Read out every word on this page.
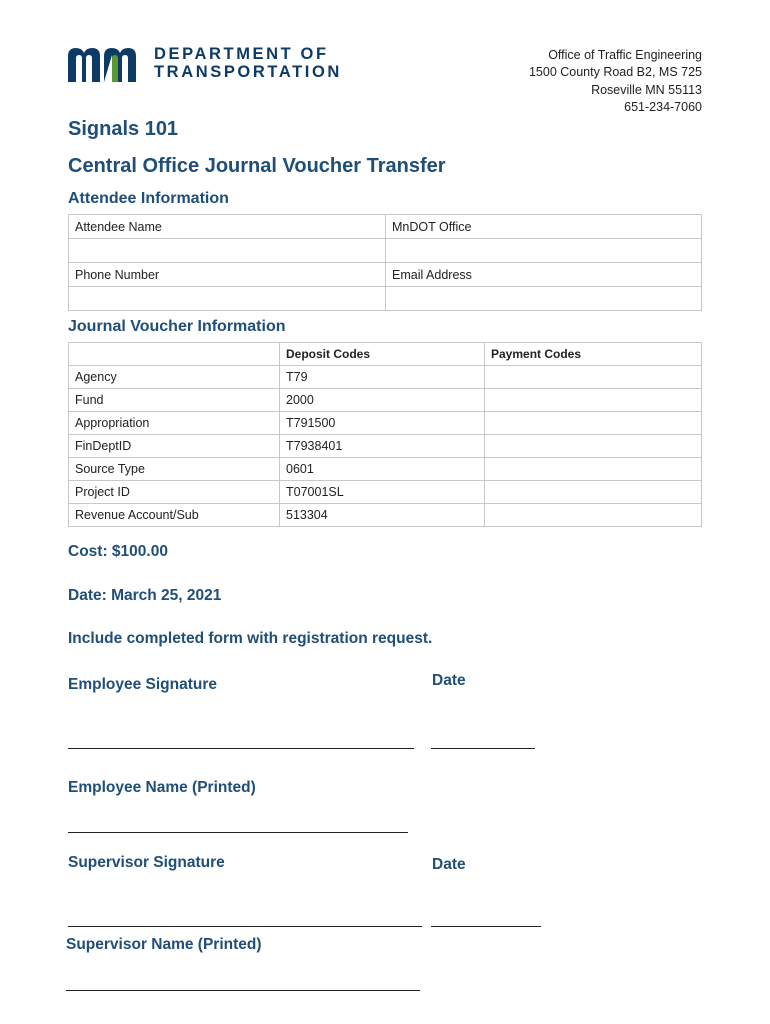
DEPARTMENT OF
TRANSPORTATION
Office of Traffic Engineering
1500 County Road B2, MS 725
Roseville MN 55113
651-234-7060
Signals 101
Central Office Journal Voucher Transfer
Attendee Information
Attendee Name	MnDOT Office

Phone Number	Email Address

Journal Voucher Information
	Deposit Codes	Payment Codes
Agency	T79	
Fund	2000	
Appropriation	T791500	
FinDeptID	T7938401	
Source Type	0601	
Project ID	T07001SL	
Revenue Account/Sub	513304	
Cost: $100.00
Date: March 25, 2021
Include completed form with registration request.
Employee Signature	Date
Employee Name (Printed)
Supervisor Signature	Date
Supervisor Name (Printed)
